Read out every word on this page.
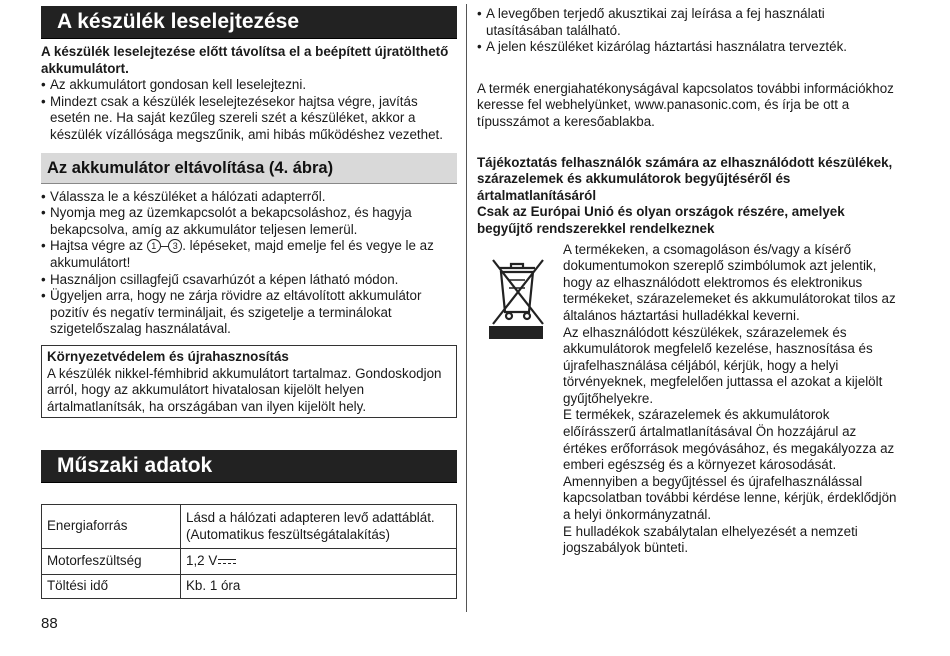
A készülék leselejtezése

A készülék leselejtezése előtt távolítsa el a beépített újratölthető akkumulátort.

• Az akkumulátort gondosan kell leselejtezni.
• Mindezt csak a készülék leselejtezésekor hajtsa végre, javítás esetén ne. Ha saját kezűleg szereli szét a készüléket, akkor a készülék vízállósága megszűnik, ami hibás működéshez vezethet.
Az akkumulátor eltávolítása (4. ábra)
• Válassza le a készüléket a hálózati adapterről.
• Nyomja meg az üzemkapcsolót a bekapcsoláshoz, és hagyja bekapcsolva, amíg az akkumulátor teljesen lemerül.
• Hajtsa végre az 1 – 3 . lépéseket, majd emelje fel és vegye le az akkumulátort!
• Használjon csillagfejű csavarhúzót a képen látható módon.
• Ügyeljen arra, hogy ne zárja rövidre az eltávolított akkumulátor pozitív és negatív termináljait, és szigetelje a terminálokat szigetelőszalag használatával.

Környezetvédelem és újrahasznosítás

A készülék nikkel-fémhibrid akkumulátort tartalmaz. Gondoskodjon arról, hogy az akkumulátort hivatalosan kijelölt helyen ártalmatlanítsák, ha országában van ilyen kijelölt hely.

Műszaki adatok
Energiaforrás	Lásd a hálózati adapteren levő adattáblát. (Automatikus feszültségátalakítás)
Motorfeszültség	1,2 V
Töltési idő	Kb. 1 óra
• A levegőben terjedő akusztikai zaj leírása a fej használati utasításában található.
• A jelen készüléket kizárólag háztartási használatra tervezték.

A termék energiahatékonyságával kapcsolatos további információkhoz keresse fel webhelyünket, www.panasonic.com, és írja be ott a típusszámot a keresőablakba.

Tájékoztatás felhasználók számára az elhasználódott készülékek, szárazelemek és akkumulátorok begyűjtéséről és ártalmatlanításáról

Csak az Európai Unió és olyan országok részére, amelyek begyűjtő rendszerekkel rendelkeznek

A termékeken, a csomagoláson és/vagy a kísérő dokumentumokon szereplő szimbólumok azt jelentik, hogy az elhasználódott elektromos és elektronikus termékeket, szárazelemeket és akkumulátorokat tilos az általános háztartási hulladékkal keverni.

Az elhasználódott készülékek, szárazelemek és akkumulátorok megfelelő kezelése, hasznosítása és újrafelhasználása céljából, kérjük, hogy a helyi törvényeknek, megfelelően juttassa el azokat a kijelölt gyűjtőhelyekre.

E termékek, szárazelemek és akkumulátorok előírásszerű ártalmatlanításával Ön hozzájárul az értékes erőforrások megóvásához, és megakályozza az emberi egészség és a környezet károsodását.

Amennyiben a begyűjtéssel és újrafelhasználással kapcsolatban további kérdése lenne, kérjük, érdeklődjön a helyi önkormányzatnál.

E hulladékok szabálytalan elhelyezését a nemzeti jogszabályok bünteti.

88
